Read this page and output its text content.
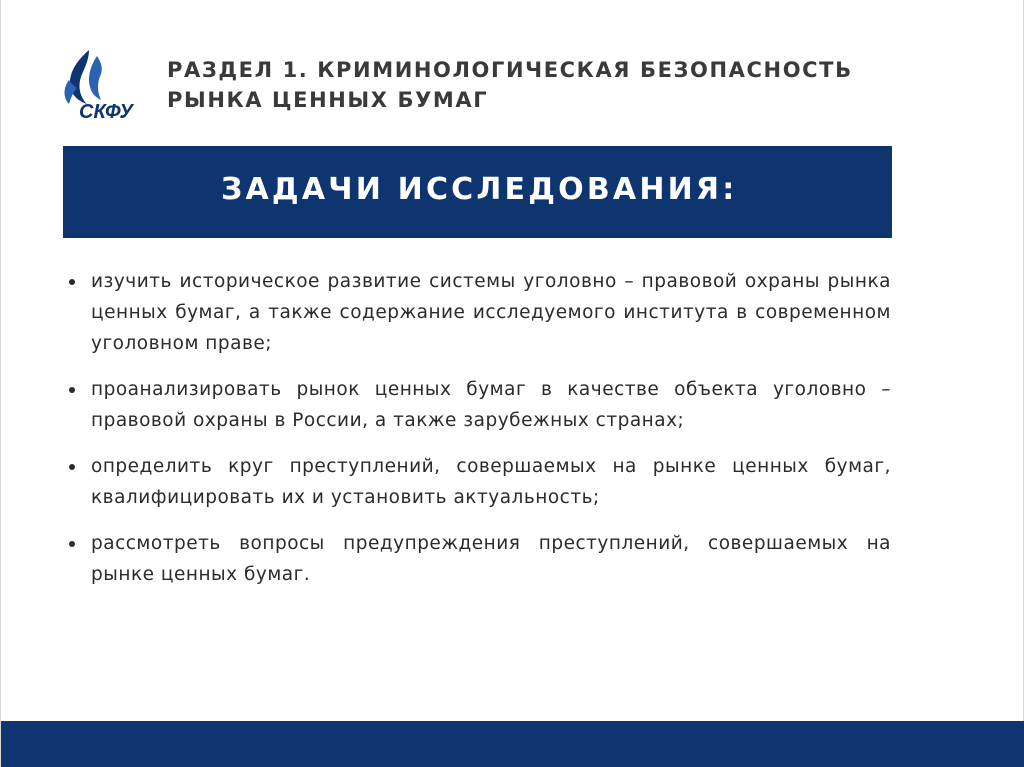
СКФУ
РАЗДЕЛ 1. КРИМИНОЛОГИЧЕСКАЯ БЕЗОПАСНОСТЬ РЫНКА ЦЕННЫХ БУМАГ
ЗАДАЧИ ИССЛЕДОВАНИЯ:
изучить историческое развитие системы уголовно – правовой охраны рынка ценных бумаг, а также содержание исследуемого института в современном уголовном праве;
проанализировать рынок ценных бумаг в качестве объекта уголовно – правовой охраны в России, а также зарубежных странах;
определить круг преступлений, совершаемых на рынке ценных бумаг, квалифицировать их и установить актуальность;
рассмотреть вопросы предупреждения преступлений, совершаемых на рынке ценных бумаг.
